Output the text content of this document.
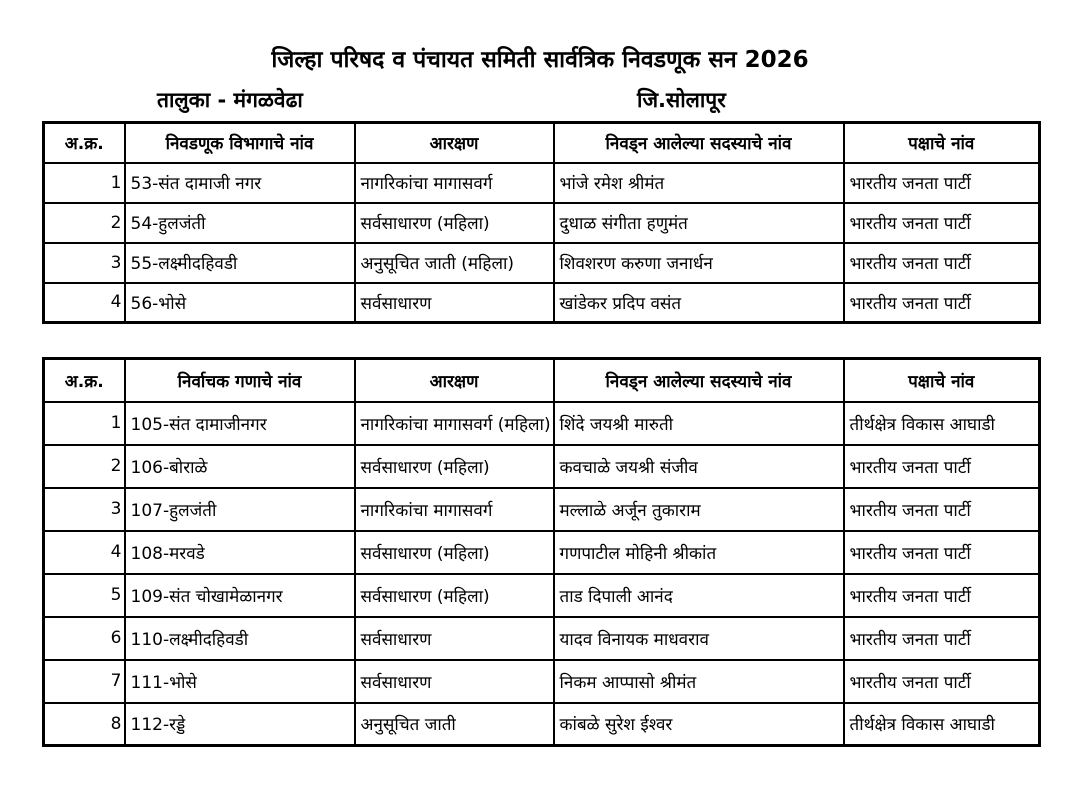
जिल्हा परिषद व पंचायत समिती सार्वत्रिक निवडणूक सन 2026
तालुका - मंगळवेढा	जि.सोलापूर
अ.क्र.	निवडणूक विभागाचे नांव	आरक्षण	निवड्न आलेल्या सदस्याचे नांव	पक्षाचे नांव
1	53-संत दामाजी नगर	नागरिकांचा मागासवर्ग	भांजे रमेश श्रीमंत	भारतीय जनता पार्टी
2	54-हुलजंती	सर्वसाधारण (महिला)	दुधाळ संगीता हणुमंत	भारतीय जनता पार्टी
3	55-लक्ष्मीदहिवडी	अनुसूचित जाती (महिला)	शिवशरण करुणा जनार्धन	भारतीय जनता पार्टी
4	56-भोसे	सर्वसाधारण	खांडेकर प्रदिप वसंत	भारतीय जनता पार्टी
अ.क्र.	निर्वाचक गणाचे नांव	आरक्षण	निवड्न आलेल्या सदस्याचे नांव	पक्षाचे नांव
1	105-संत दामाजीनगर	नागरिकांचा मागासवर्ग (महिला)	शिंदे जयश्री मारुती	तीर्थक्षेत्र विकास आघाडी
2	106-बोराळे	सर्वसाधारण (महिला)	कवचाळे जयश्री संजीव	भारतीय जनता पार्टी
3	107-हुलजंती	नागरिकांचा मागासवर्ग	मल्लाळे अर्जून तुकाराम	भारतीय जनता पार्टी
4	108-मरवडे	सर्वसाधारण (महिला)	गणपाटील मोहिनी श्रीकांत	भारतीय जनता पार्टी
5	109-संत चोखामेळानगर	सर्वसाधारण (महिला)	ताड दिपाली आनंद	भारतीय जनता पार्टी
6	110-लक्ष्मीदहिवडी	सर्वसाधारण	यादव विनायक माधवराव	भारतीय जनता पार्टी
7	111-भोसे	सर्वसाधारण	निकम आप्पासो श्रीमंत	भारतीय जनता पार्टी
8	112-रड्डे	अनुसूचित जाती	कांबळे सुरेश ईश्वर	तीर्थक्षेत्र विकास आघाडी
